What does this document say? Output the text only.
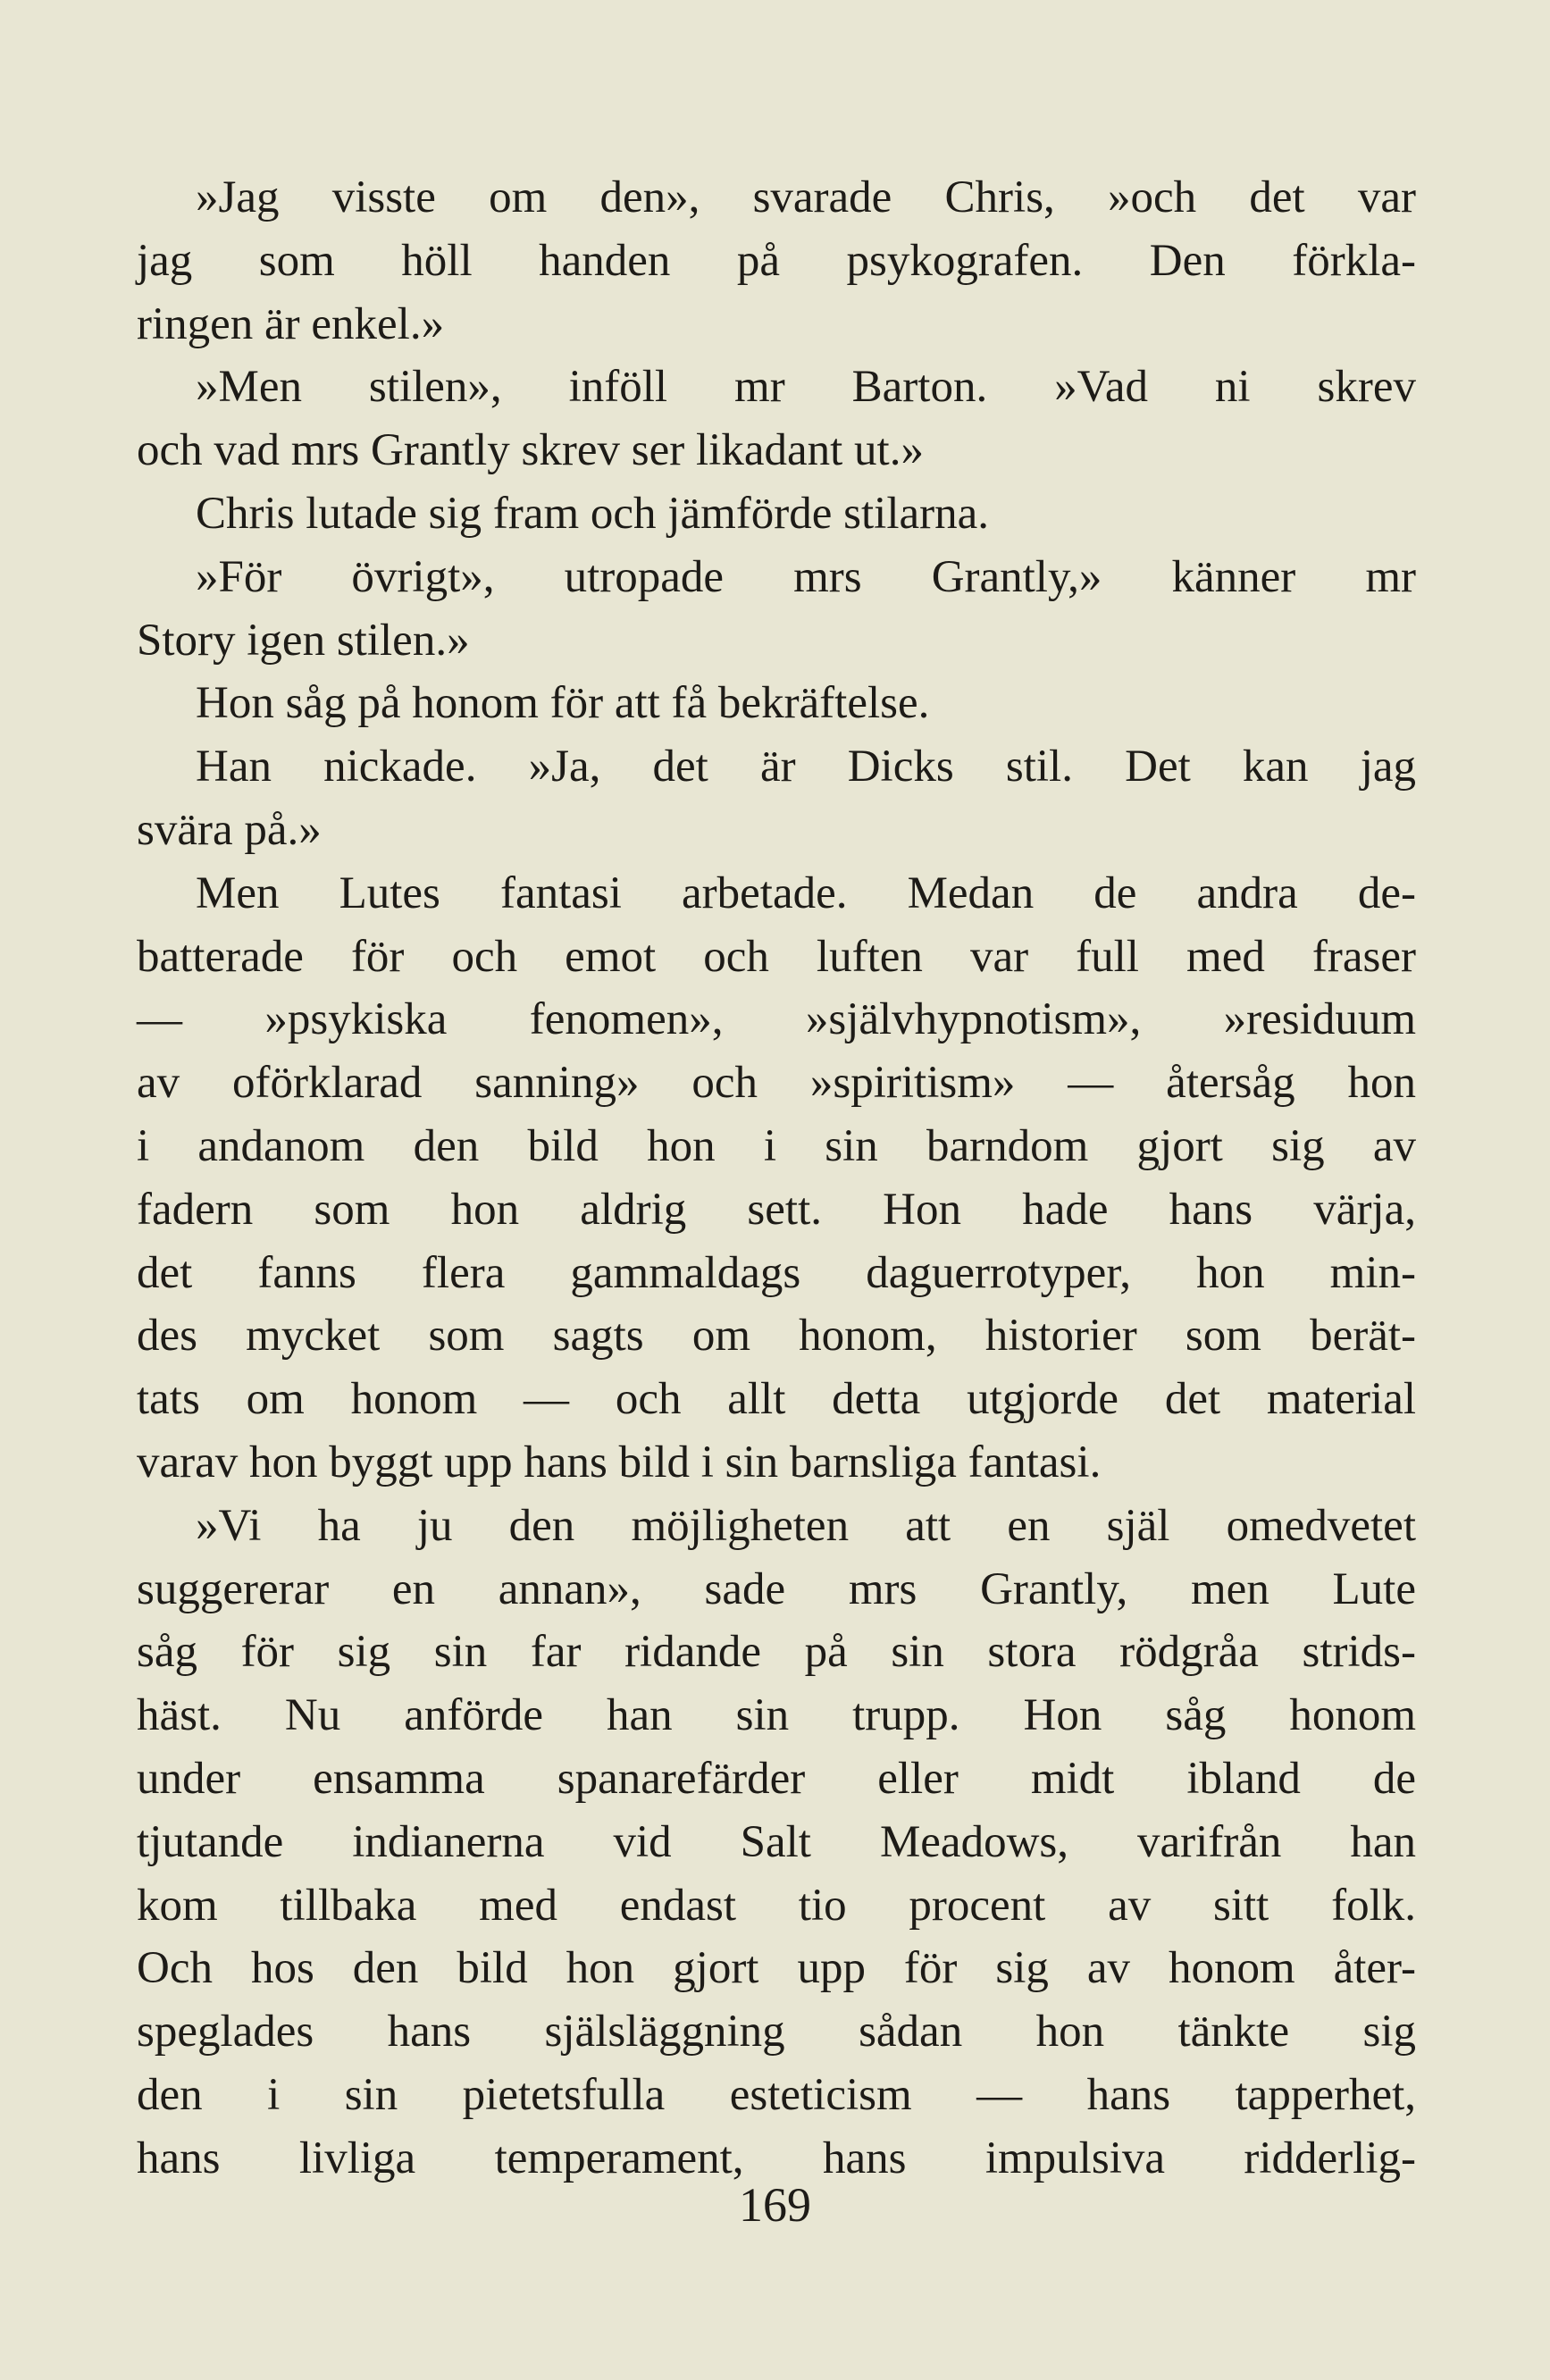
»Jag visste om den», svarade Chris, »och det var
jag som höll handen på psykografen. Den förkla-
ringen är enkel.»
»Men stilen», inföll mr Barton. »Vad ni skrev
och vad mrs Grantly skrev ser likadant ut.»
Chris lutade sig fram och jämförde stilarna.
»För övrigt», utropade mrs Grantly,» känner mr
Story igen stilen.»
Hon såg på honom för att få bekräftelse.
Han nickade. »Ja, det är Dicks stil. Det kan jag
svära på.»
Men Lutes fantasi arbetade. Medan de andra de-
batterade för och emot och luften var full med fraser
— »psykiska fenomen», »självhypnotism», »residuum
av oförklarad sanning» och »spiritism» — återsåg hon
i andanom den bild hon i sin barndom gjort sig av
fadern som hon aldrig sett. Hon hade hans värja,
det fanns flera gammaldags daguerrotyper, hon min-
des mycket som sagts om honom, historier som berät-
tats om honom — och allt detta utgjorde det material
varav hon byggt upp hans bild i sin barnsliga fantasi.
»Vi ha ju den möjligheten att en själ omedvetet
suggererar en annan», sade mrs Grantly, men Lute
såg för sig sin far ridande på sin stora rödgråa strids-
häst. Nu anförde han sin trupp. Hon såg honom
under ensamma spanarefärder eller midt ibland de
tjutande indianerna vid Salt Meadows, varifrån han
kom tillbaka med endast tio procent av sitt folk.
Och hos den bild hon gjort upp för sig av honom åter-
speglades hans själsläggning sådan hon tänkte sig
den i sin pietetsfulla esteticism — hans tapperhet,
hans livliga temperament, hans impulsiva ridderlig-
169
